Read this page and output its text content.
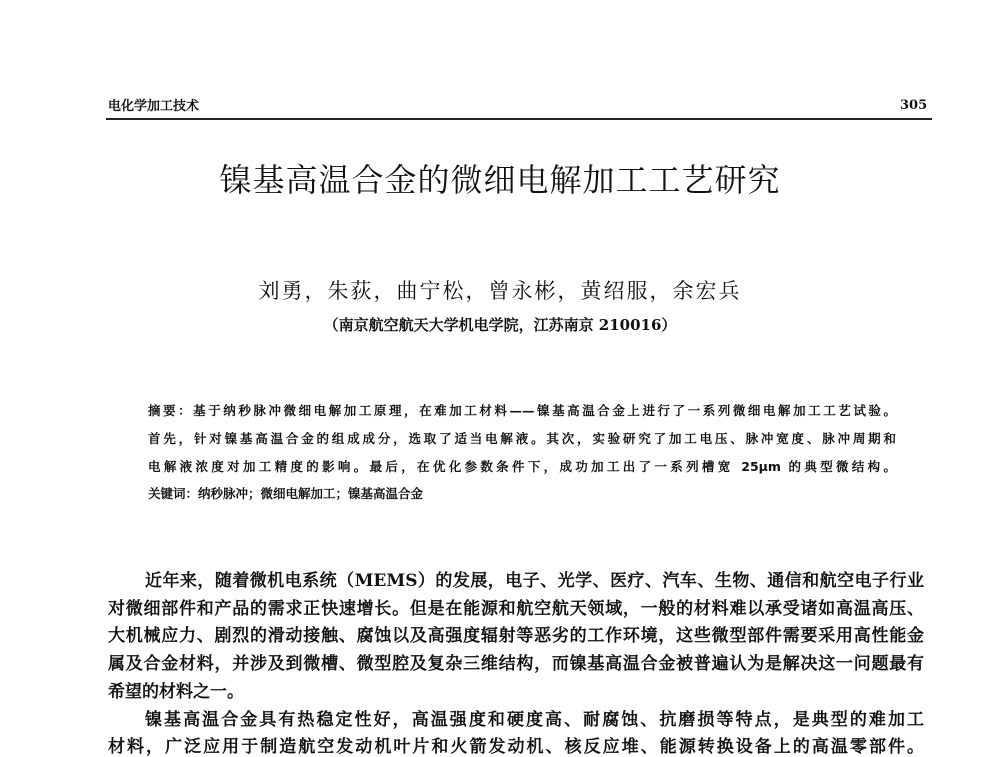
电化学加工技术	305
镍基高温合金的微细电解加工工艺研究
刘勇，朱荻，曲宁松，曾永彬，黄绍服，余宏兵
（南京航空航天大学机电学院，江苏南京 210016）
摘要：基于纳秒脉冲微细电解加工原理，在难加工材料——镍基高温合金上进行了一系列微细电解加工工艺试验。
首先，针对镍基高温合金的组成成分，选取了适当电解液。其次，实验研究了加工电压、脉冲宽度、脉冲周期和
电解液浓度对加工精度的影响。最后，在优化参数条件下，成功加工出了一系列槽宽 25μm 的典型微结构。
关键词：纳秒脉冲；微细电解加工；镍基高温合金
近年来，随着微机电系统（MEMS）的发展，电子、光学、医疗、汽车、生物、通信和航空电子行业
对微细部件和产品的需求正快速增长。但是在能源和航空航天领域，一般的材料难以承受诸如高温高压、
大机械应力、剧烈的滑动接触、腐蚀以及高强度辐射等恶劣的工作环境，这些微型部件需要采用高性能金
属及合金材料，并涉及到微槽、微型腔及复杂三维结构，而镍基高温合金被普遍认为是解决这一问题最有
希望的材料之一。
镍基高温合金具有热稳定性好，高温强度和硬度高、耐腐蚀、抗磨损等特点，是典型的难加工
材料，广泛应用于制造航空发动机叶片和火箭发动机、核反应堆、能源转换设备上的高温零部件。
